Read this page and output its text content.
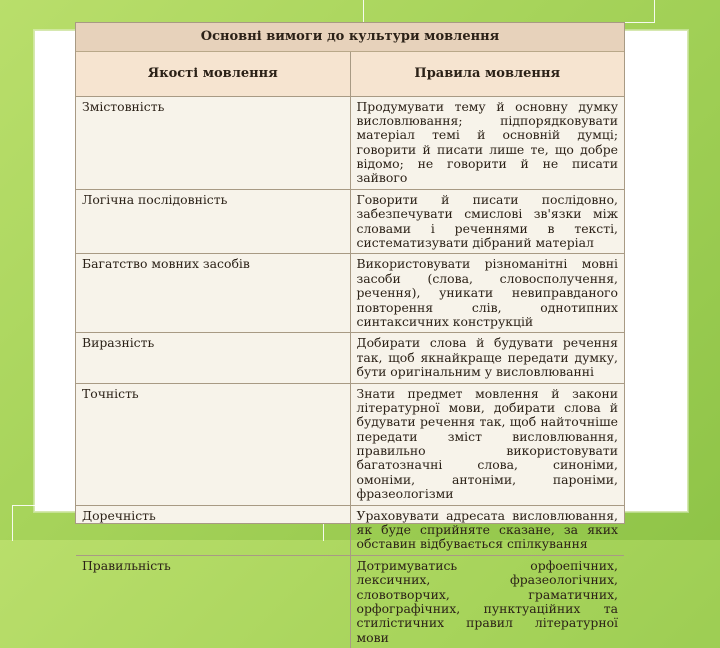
Основні вимоги до культури мовлення	
Якості мовлення	Правила мовлення
Змістовність	Продумувати тему й основну думку висловлювання; підпорядковувати матеріал темі й основній думці; говорити й писати лише те, що добре відомо; не говорити й не писати зайвого
Логічна послідовність	Говорити й писати послідовно, забезпечувати смислові зв'язки між словами і реченнями в тексті, систематизувати дібраний матеріал
Багатство мовних засобів	Використовувати різноманітні мовні засоби (слова, словосполучення, речення), уникати невиправданого повторення слів, однотипних синтаксичних конструкцій
Виразність	Добирати слова й будувати речення так, щоб якнайкраще передати думку, бути оригінальним у висловлюванні
Точність	Знати предмет мовлення й закони літературної мови, добирати слова й будувати речення так, щоб найточніше передати зміст висловлювання, правильно використовувати багатозначні слова, синоніми, омоніми, антоніми, пароніми, фразеологізми
Доречність	Ураховувати адресата висловлювання, як буде сприйняте сказане, за яких обставин відбувається спілкування
Правильність	Дотримуватись орфоепічних, лексичних, фразеологічних, словотворчих, граматичних, орфографічних, пунктуаційних та стилістичних правил літературної мови
